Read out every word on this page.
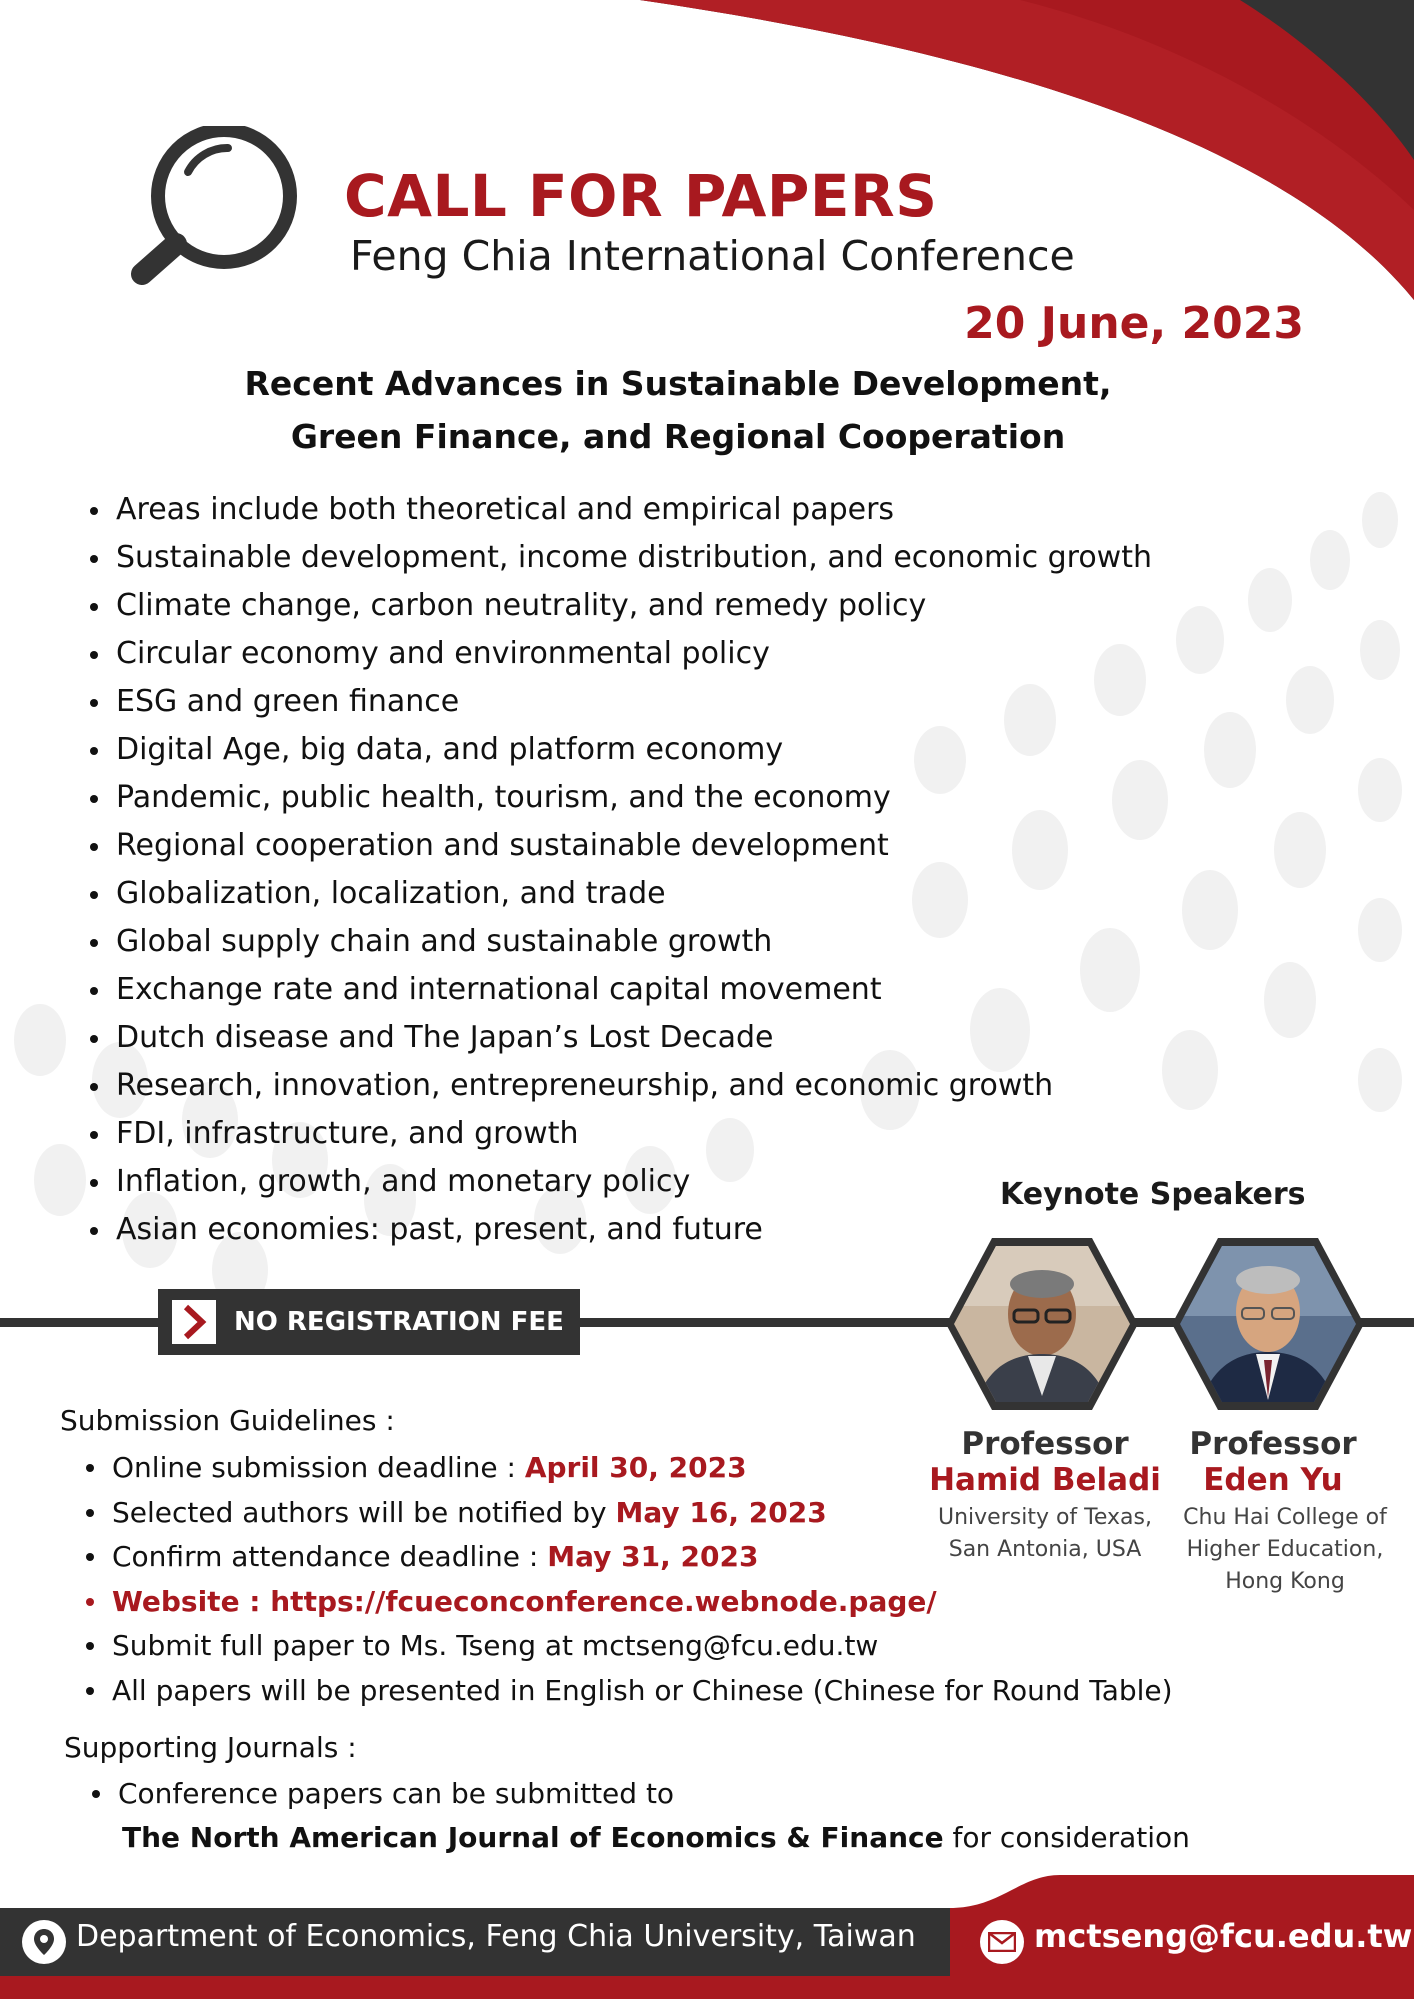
CALL FOR PAPERS
Feng Chia International Conference
20 June, 2023
Recent Advances in Sustainable Development,
Green Finance, and Regional Cooperation
Areas include both theoretical and empirical papers
Sustainable development, income distribution, and economic growth
Climate change, carbon neutrality, and remedy policy
Circular economy and environmental policy
ESG and green finance
Digital Age, big data, and platform economy
Pandemic, public health, tourism, and the economy
Regional cooperation and sustainable development
Globalization, localization, and trade
Global supply chain and sustainable growth
Exchange rate and international capital movement
Dutch disease and The Japan’s Lost Decade
Research, innovation, entrepreneurship, and economic growth
FDI, infrastructure, and growth
Inflation, growth, and monetary policy
Asian economies: past, present, and future
NO REGISTRATION FEE
Submission Guidelines :
Online submission deadline : April 30, 2023
Selected authors will be notified by May 16, 2023
Confirm attendance deadline : May 31, 2023
Website : https://fcueconconference.webnode.page/
Submit full paper to Ms. Tseng at mctseng@fcu.edu.tw
All papers will be presented in English or Chinese (Chinese for Round Table)
Supporting Journals :
Conference papers can be submitted to
The North American Journal of Economics & Finance for consideration
Keynote Speakers
Professor
Hamid Beladi
University of Texas,
San Antonia, USA
Professor
Eden Yu
Chu Hai College of
Higher Education,
Hong Kong
Department of Economics, Feng Chia University, Taiwan	mctseng@fcu.edu.tw
